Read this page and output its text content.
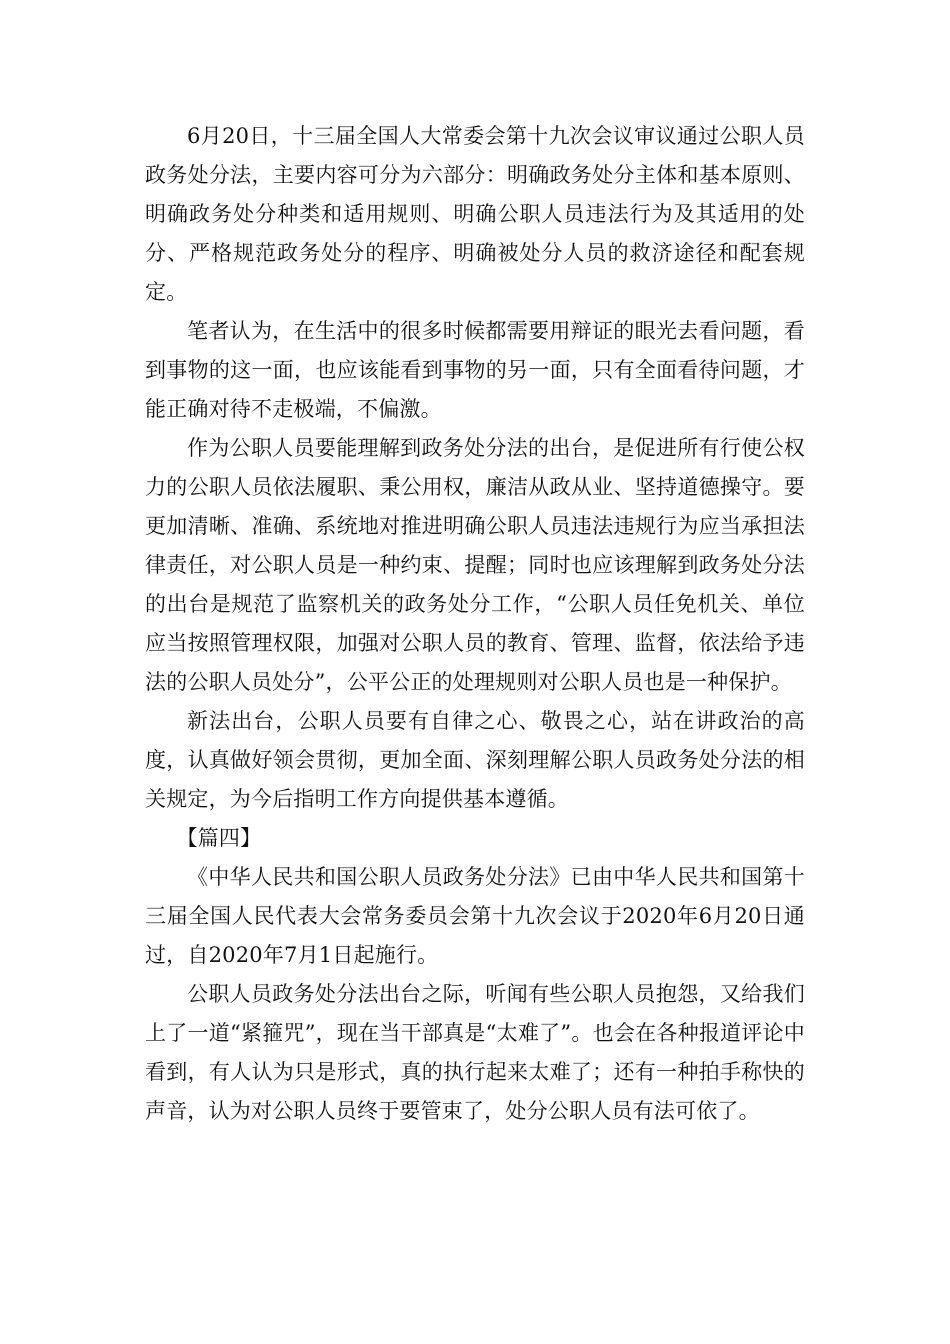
6月20日，十三届全国人大常委会第十九次会议审议通过公职人员政务处分法，主要内容可分为六部分：明确政务处分主体和基本原则、明确政务处分种类和适用规则、明确公职人员违法行为及其适用的处分、严格规范政务处分的程序、明确被处分人员的救济途径和配套规定。

笔者认为，在生活中的很多时候都需要用辩证的眼光去看问题，看到事物的这一面，也应该能看到事物的另一面，只有全面看待问题，才能正确对待不走极端，不偏激。

作为公职人员要能理解到政务处分法的出台，是促进所有行使公权力的公职人员依法履职、秉公用权，廉洁从政从业、坚持道德操守。要更加清晰、准确、系统地对推进明确公职人员违法违规行为应当承担法律责任，对公职人员是一种约束、提醒；同时也应该理解到政务处分法的出台是规范了监察机关的政务处分工作，“公职人员任免机关、单位应当按照管理权限，加强对公职人员的教育、管理、监督，依法给予违法的公职人员处分”，公平公正的处理规则对公职人员也是一种保护。

新法出台，公职人员要有自律之心、敬畏之心，站在讲政治的高度，认真做好领会贯彻，更加全面、深刻理解公职人员政务处分法的相关规定，为今后指明工作方向提供基本遵循。

【篇四】

《中华人民共和国公职人员政务处分法》已由中华人民共和国第十三届全国人民代表大会常务委员会第十九次会议于2020年6月20日通过，自2020年7月1日起施行。

公职人员政务处分法出台之际，听闻有些公职人员抱怨，又给我们上了一道“紧箍咒”，现在当干部真是“太难了”。也会在各种报道评论中看到，有人认为只是形式，真的执行起来太难了；还有一种拍手称快的声音，认为对公职人员终于要管束了，处分公职人员有法可依了。
